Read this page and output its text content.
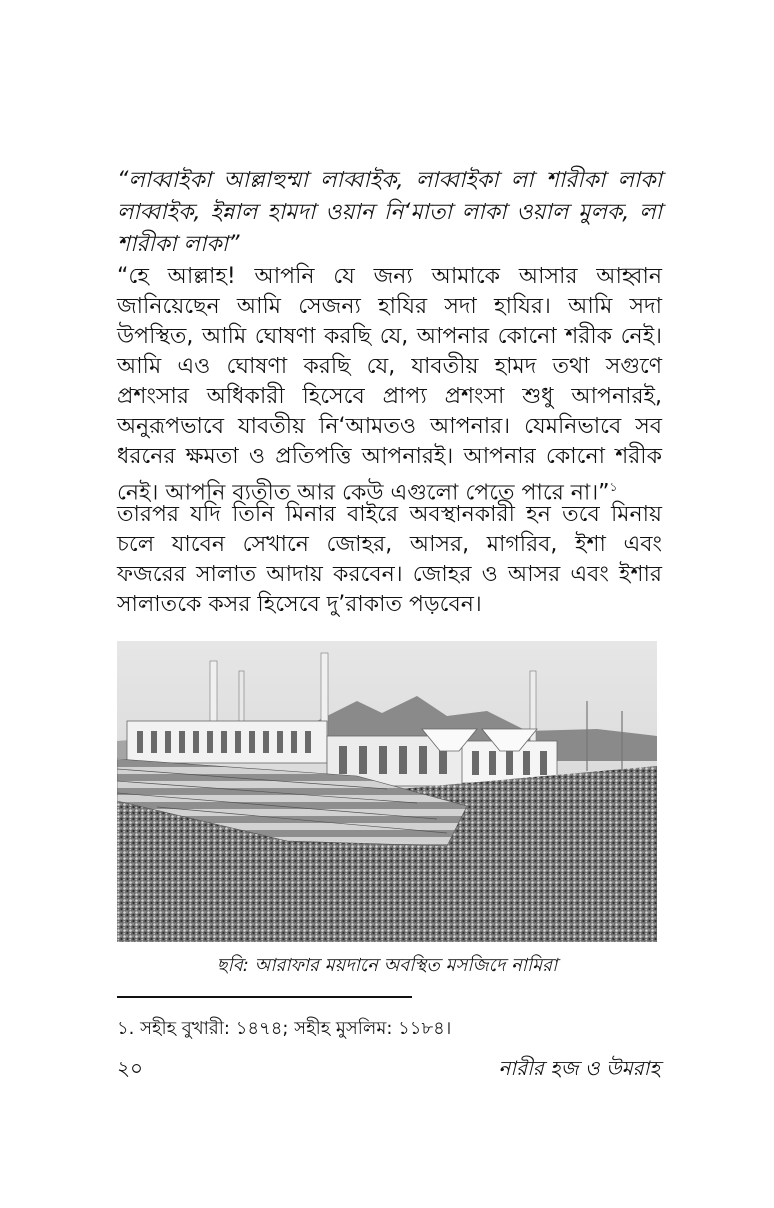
“লাব্বাইকা আল্লাহুম্মা লাব্বাইক, লাব্বাইকা লা শারীকা লাকা লাব্বাইক, ইন্নাল হামদা ওয়ান নি‘মাতা লাকা ওয়াল মুলক, লা শারীকা লাকা”
“হে আল্লাহ! আপনি যে জন্য আমাকে আসার আহ্বান জানিয়েছেন আমি সেজন্য হাযির সদা হাযির। আমি সদা উপস্থিত, আমি ঘোষণা করছি যে, আপনার কোনো শরীক নেই। আমি এও ঘোষণা করছি যে, যাবতীয় হামদ তথা সগুণে প্রশংসার অধিকারী হিসেবে প্রাপ্য প্রশংসা শুধু আপনারই, অনুরূপভাবে যাবতীয় নি‘আমতও আপনার। যেমনিভাবে সব ধরনের ক্ষমতা ও প্রতিপত্তি আপনারই। আপনার কোনো শরীক নেই। আপনি ব্যতীত আর কেউ এগুলো পেতে পারে না।”$^১$
তারপর যদি তিনি মিনার বাইরে অবস্থানকারী হন তবে মিনায় চলে যাবেন সেখানে জোহর, আসর, মাগরিব, ইশা এবং ফজরের সালাত আদায় করবেন। জোহর ও আসর এবং ইশার সালাতকে কসর হিসেবে দু’রাকাত পড়বেন।
ছবি: আরাফার ময়দানে অবস্থিত মসজিদে নামিরা
১. সহীহ বুখারী: ১৪৭৪; সহীহ মুসলিম: ১১৮৪।
২০	নারীর হজ ও উমরাহ
